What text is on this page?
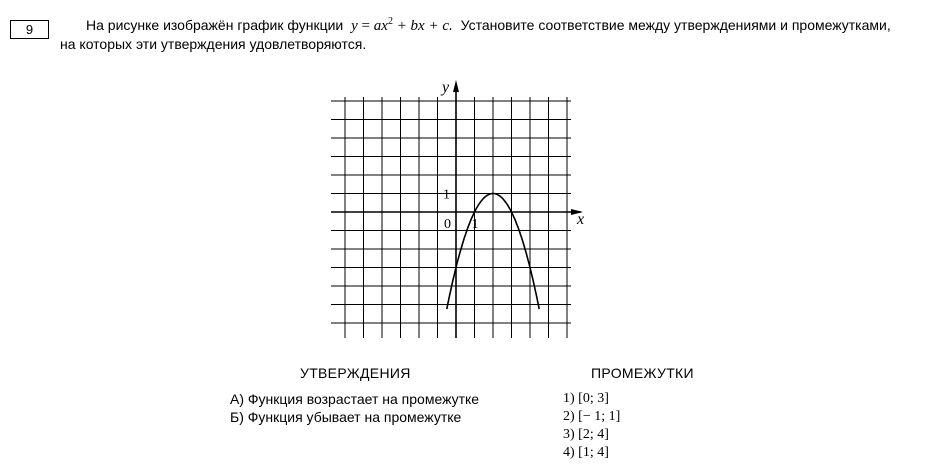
9	На рисунке изображён график функции $y = ax^2$ + bx + c. Установите соответствие между утверждениями и промежутками,
на которых эти утверждения удовлетворяются.
y
x
0 1
1
УТВЕРЖДЕНИЯ	ПРОМЕЖУТКИ
А) Функция возрастает на промежутке
Б) Функция убывает на промежутке
1) [0; 3]
2) [− 1; 1]
3) [2; 4]
4) [1; 4]
